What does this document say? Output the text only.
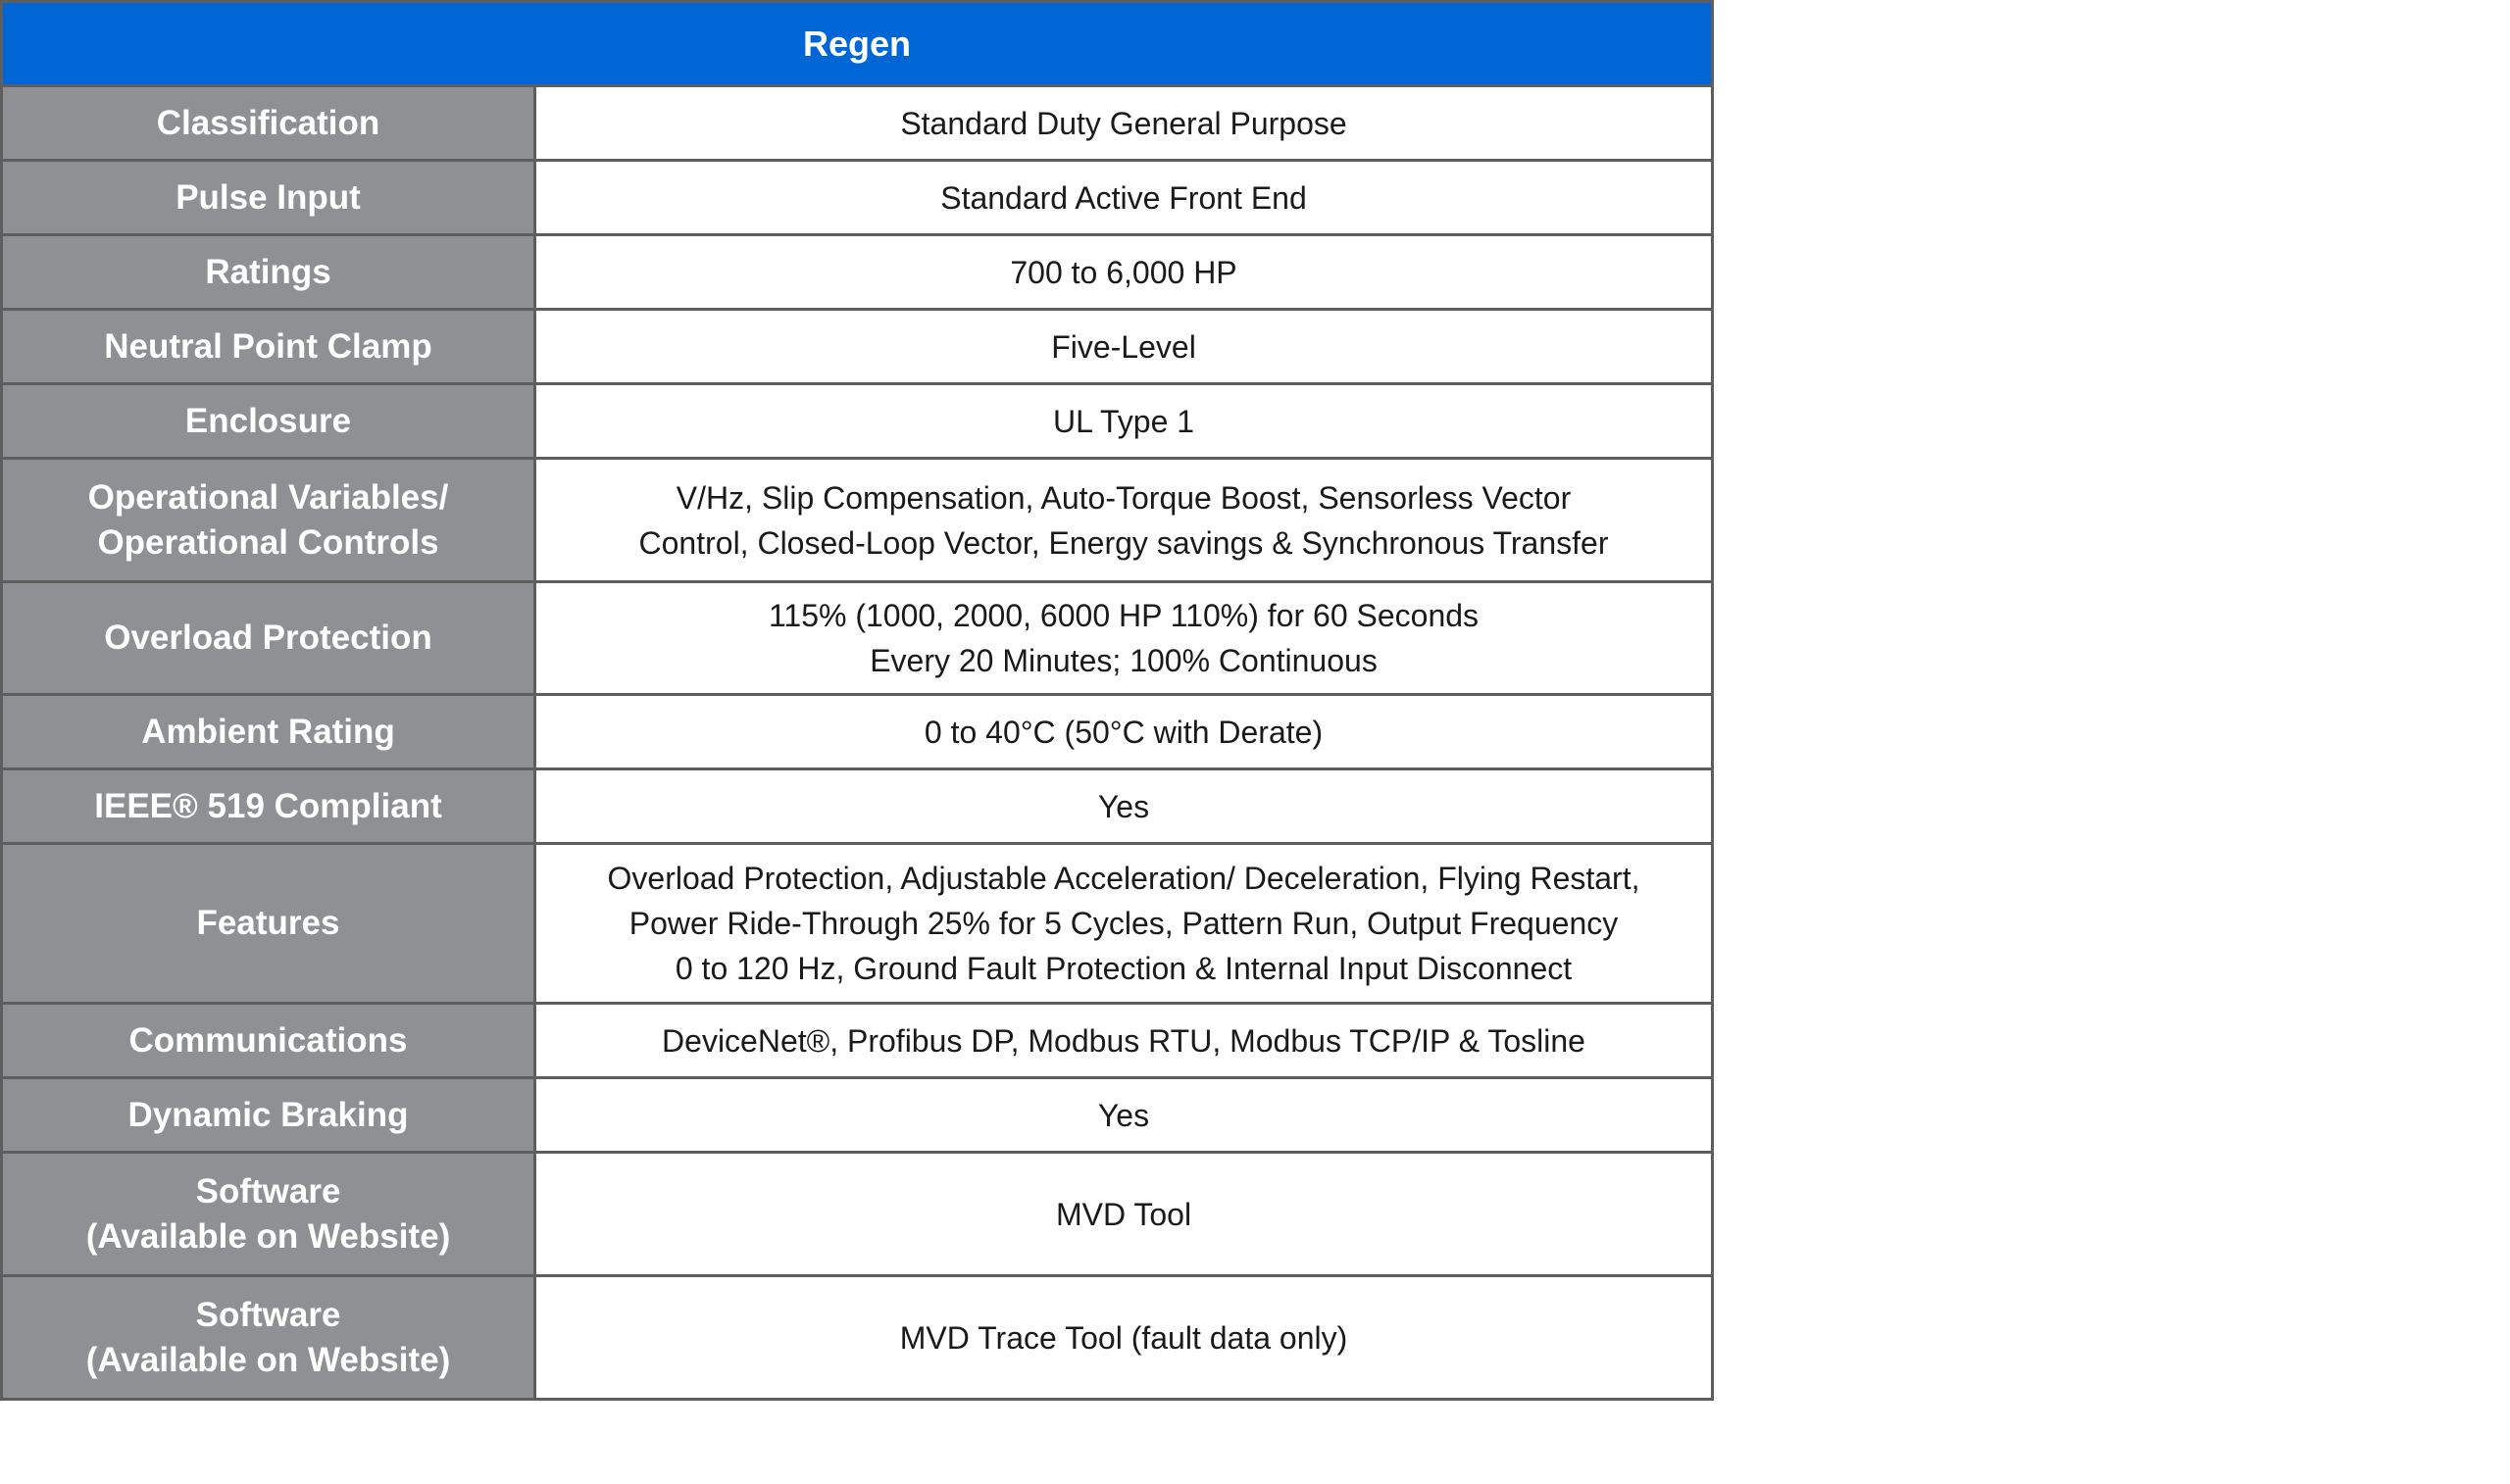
Regen	

Classification	Standard Duty General Purpose

Pulse Input	Standard Active Front End

Ratings	700 to 6,000 HP

Neutral Point Clamp	Five-Level

Enclosure	UL Type 1

Operational Variables/
Operational Controls	V/Hz, Slip Compensation, Auto-Torque Boost, Sensorless Vector
Control, Closed-Loop Vector, Energy savings & Synchronous Transfer

Overload Protection	115% (1000, 2000, 6000 HP 110%) for 60 Seconds
Every 20 Minutes; 100% Continuous

Ambient Rating	0 to 40°C (50°C with Derate)

IEEE® 519 Compliant	Yes

Features	Overload Protection, Adjustable Acceleration/ Deceleration, Flying Restart,
Power Ride-Through 25% for 5 Cycles, Pattern Run, Output Frequency
0 to 120 Hz, Ground Fault Protection & Internal Input Disconnect

Communications	DeviceNet®, Profibus DP, Modbus RTU, Modbus TCP/IP & Tosline

Dynamic Braking	Yes

Software
(Available on Website)	MVD Tool

Software
(Available on Website)	MVD Trace Tool (fault data only)
